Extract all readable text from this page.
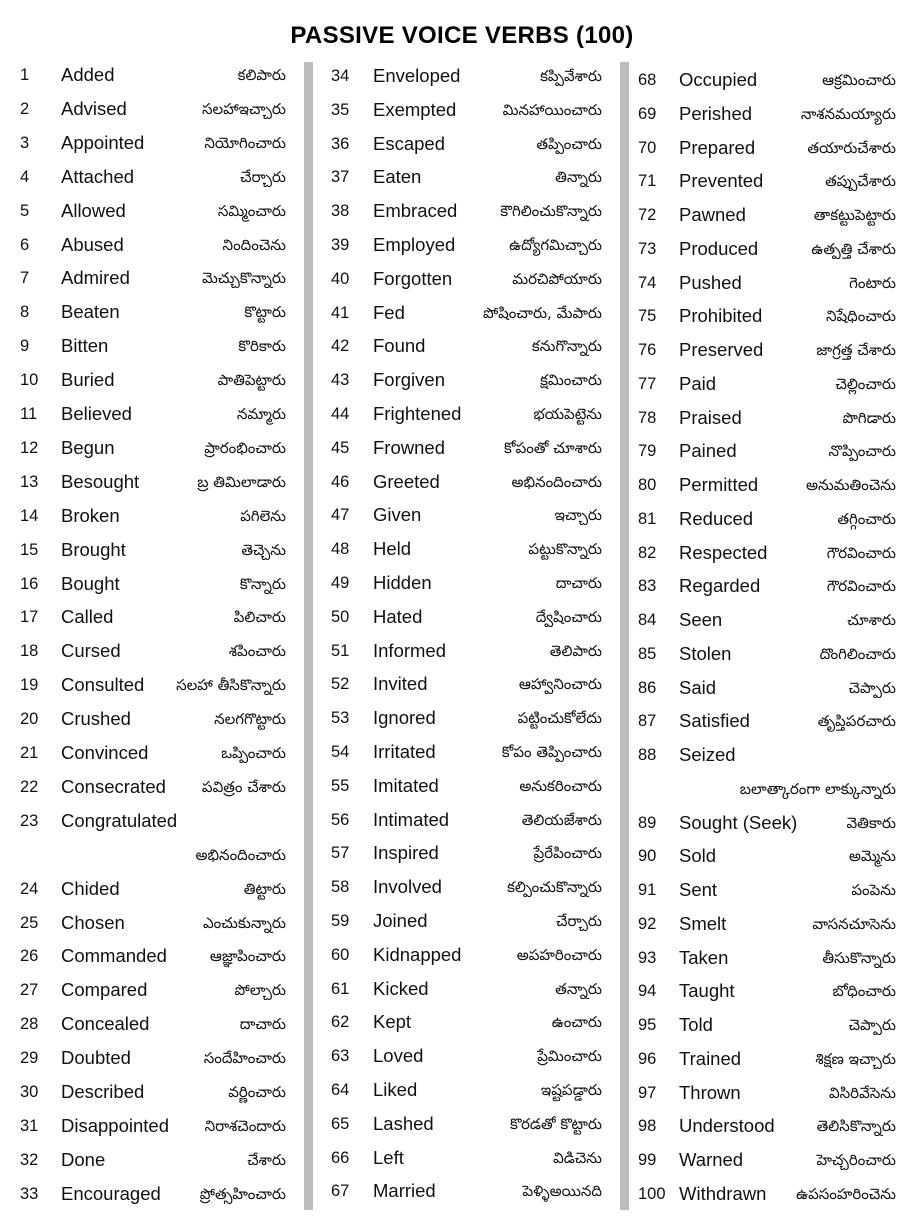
PASSIVE VOICE VERBS (100)
1 Added	కలిపారు
2 Advised	సలహాఇచ్చారు
3 Appointed	నియోగించారు
4 Attached	చేర్చారు
5 Allowed	సమ్మించారు
6 Abused	నిందించెను
7 Admired	మెచ్చుకొన్నారు
8 Beaten	కొట్టారు
9 Bitten	కొరికారు
10 Buried	పాతిపెట్టారు
11 Believed	నమ్మారు
12 Begun	ప్రారంభించారు
13 Besought	బ్ర తిమిలాడారు
14 Broken	పగిలెను
15 Brought	తెచ్చెను
16 Bought	కొన్నారు
17 Called	పిలిచారు
18 Cursed	శపించారు
19 Consulted సలహా తీసికొన్నారు
20 Crushed	నలగగొట్టారు
21 Convinced	ఒప్పించారు
22 Consecrated పవిత్రం చేశారు
23 Congratulated
అభినందించారు
24 Chided	తిట్టారు
25 Chosen	ఎంచుకున్నారు
26 Commanded	ఆజ్ఞాపించారు
27 Compared	పోల్చారు
28 Concealed	దాచారు
29 Doubted	సందేహించారు
30 Described	వర్ణించారు
31 Disappointed నిరాశచెందారు
32 Done	చేశారు
33 Encouraged	ప్రోత్సహించారు
34 Enveloped	కప్పివేశారు
35 Exempted	మినహాయించారు
36 Escaped	తప్పించారు
37 Eaten	తిన్నారు
38 Embraced	కౌగిలించుకొన్నారు
39 Employed	ఉద్యోగమిచ్చారు
40 Forgotten	మరచిపోయారు
41 Fed	పోషించారు, మేపారు
42 Found	కనుగొన్నారు
43 Forgiven	క్షమించారు
44 Frightened	భయపెట్టెను
45 Frowned	కోపంతో చూశారు
46 Greeted	అభినందించారు
47 Given	ఇచ్చారు
48 Held	పట్టుకొన్నారు
49 Hidden	దాచారు
50 Hated	ద్వేషించారు
51 Informed	తెలిపారు
52 Invited	ఆహ్వానించారు
53 Ignored	పట్టించుకోలేదు
54 Irritated	కోపం తెప్పించారు
55 Imitated	అనుకరించారు
56 Intimated	తెలియజేశారు
57 Inspired	ప్రేరేపించారు
58 Involved	కల్పించుకొన్నారు
59 Joined	చేర్చారు
60 Kidnapped	అపహరించారు
61 Kicked	తన్నారు
62 Kept	ఉంచారు
63 Loved	ప్రేమించారు
64 Liked	ఇష్టపడ్డారు
65 Lashed	కొరడతో కొట్టారు
66 Left	విడిచెను
67 Married	పెళ్ళిఅయినది
68 Occupied	ఆక్రమించారు
69 Perished	నాశనమయ్యారు
70 Prepared	తయారుచేశారు
71 Prevented	తప్పుచేశారు
72 Pawned	తాకట్టుపెట్టారు
73 Produced	ఉత్పత్తి చేశారు
74 Pushed	గెంటారు
75 Prohibited	నిషేధించారు
76 Preserved	జాగ్రత్త చేశారు
77 Paid	చెల్లించారు
78 Praised	పొగిడారు
79 Pained	నొప్పించారు
80 Permitted	అనుమతించెను
81 Reduced	తగ్గించారు
82 Respected	గౌరవించారు
83 Regarded	గౌరవించారు
84 Seen	చూశారు
85 Stolen	దొంగిలించారు
86 Said	చెప్పారు
87 Satisfied	తృప్తిపరచారు
88 Seized
బలాత్కారంగా లాక్కున్నారు
89 Sought (Seek)	వెతికారు
90 Sold	అమ్మెను
91 Sent	పంపెను
92 Smelt	వాసనచూసెను
93 Taken	తీసుకొన్నారు
94 Taught	బోధించారు
95 Told	చెప్పారు
96 Trained	శిక్షణ ఇచ్చారు
97 Thrown	విసిరివేసెను
98 Understood	తెలిసికొన్నారు
99 Warned	హెచ్చరించారు
100 Withdrawn ఉపసంహరించెను
